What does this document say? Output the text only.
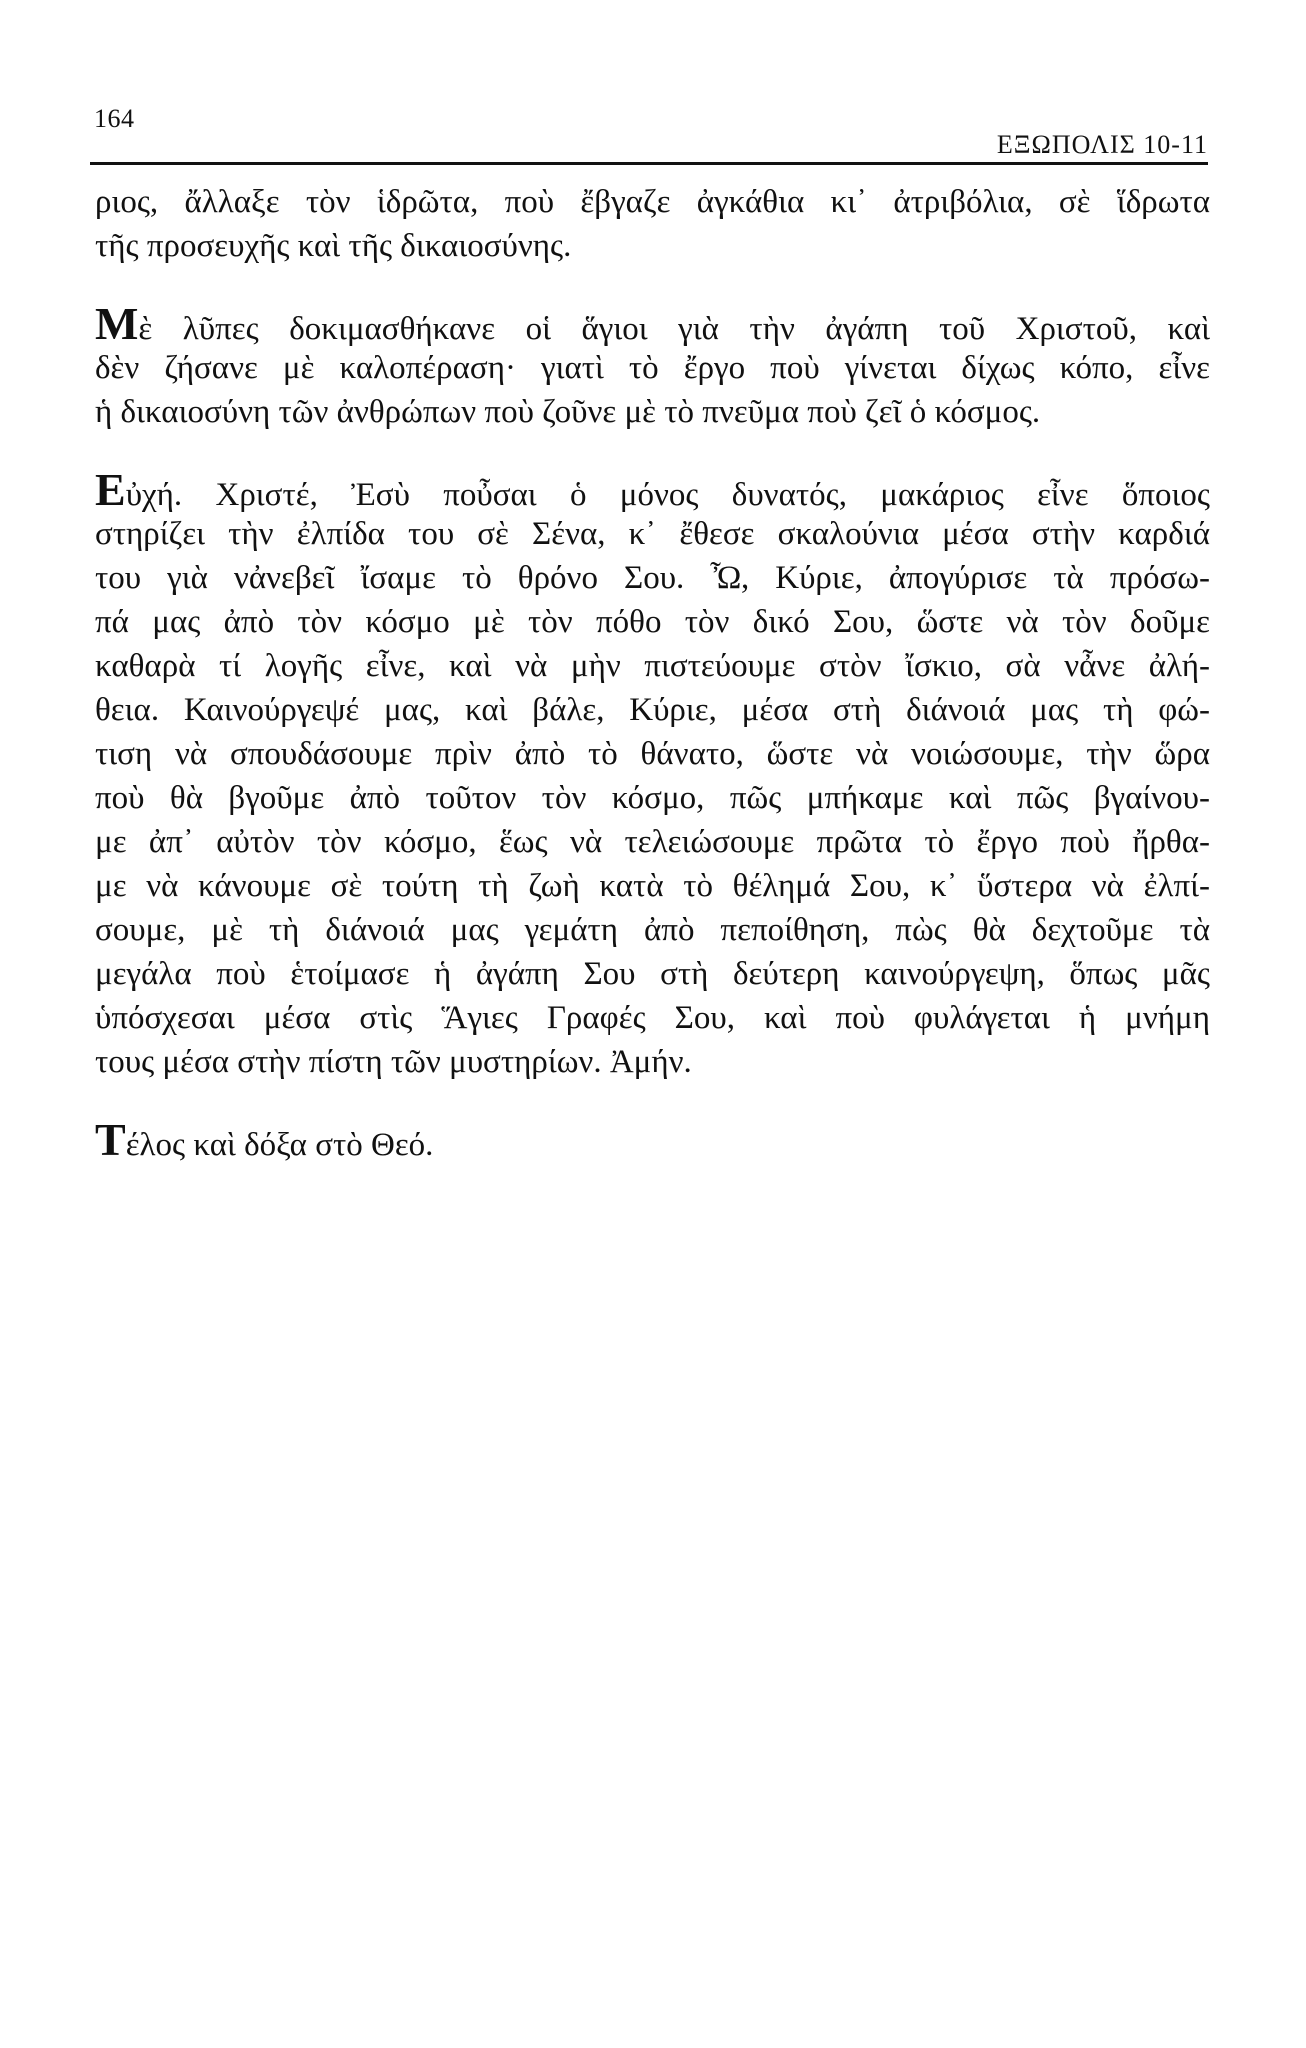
164
ΕΞΩΠΟΛΙΣ 10-11
ριος, ἄλλαξε τὸν ἱδρῶτα, ποὺ ἔβγαζε ἀγκάθια κι᾽ ἀτριβόλια, σὲ ἵδρωτα
τῆς προσευχῆς καὶ τῆς δικαιοσύνης.
Μὲ λῦπες δοκιμασθήκανε οἱ ἅγιοι γιὰ τὴν ἀγάπη τοῦ Χριστοῦ, καὶ
δὲν ζήσανε μὲ καλοπέραση· γιατὶ τὸ ἔργο ποὺ γίνεται δίχως κόπο, εἶνε
ἡ δικαιοσύνη τῶν ἀνθρώπων ποὺ ζοῦνε μὲ τὸ πνεῦμα ποὺ ζεῖ ὁ κόσμος.
Εὐχή. Χριστέ, Ἐσὺ ποὖσαι ὁ μόνος δυνατός, μακάριος εἶνε ὅποιος
στηρίζει τὴν ἐλπίδα του σὲ Σένα, κ᾽ ἔθεσε σκαλούνια μέσα στὴν καρδιά
του γιὰ νἀνεβεῖ ἴσαμε τὸ θρόνο Σου. Ὦ, Κύριε, ἀπογύρισε τὰ πρόσω-
πά μας ἀπὸ τὸν κόσμο μὲ τὸν πόθο τὸν δικό Σου, ὥστε νὰ τὸν δοῦμε
καθαρὰ τί λογῆς εἶνε, καὶ νὰ μὴν πιστεύουμε στὸν ἴσκιο, σὰ νἆνε ἀλή-
θεια. Καινούργεψέ μας, καὶ βάλε, Κύριε, μέσα στὴ διάνοιά μας τὴ φώ-
τιση νὰ σπουδάσουμε πρὶν ἀπὸ τὸ θάνατο, ὥστε νὰ νοιώσουμε, τὴν ὥρα
ποὺ θὰ βγοῦμε ἀπὸ τοῦτον τὸν κόσμο, πῶς μπήκαμε καὶ πῶς βγαίνου-
με ἀπ᾽ αὐτὸν τὸν κόσμο, ἕως νὰ τελειώσουμε πρῶτα τὸ ἔργο ποὺ ἤρθα-
με νὰ κάνουμε σὲ τούτη τὴ ζωὴ κατὰ τὸ θέλημά Σου, κ᾽ ὕστερα νὰ ἐλπί-
σουμε, μὲ τὴ διάνοιά μας γεμάτη ἀπὸ πεποίθηση, πὼς θὰ δεχτοῦμε τὰ
μεγάλα ποὺ ἑτοίμασε ἡ ἀγάπη Σου στὴ δεύτερη καινούργεψη, ὅπως μᾶς
ὑπόσχεσαι μέσα στὶς Ἅγιες Γραφές Σου, καὶ ποὺ φυλάγεται ἡ μνήμη
τους μέσα στὴν πίστη τῶν μυστηρίων. Ἀμήν.
Τέλος καὶ δόξα στὸ Θεό.
